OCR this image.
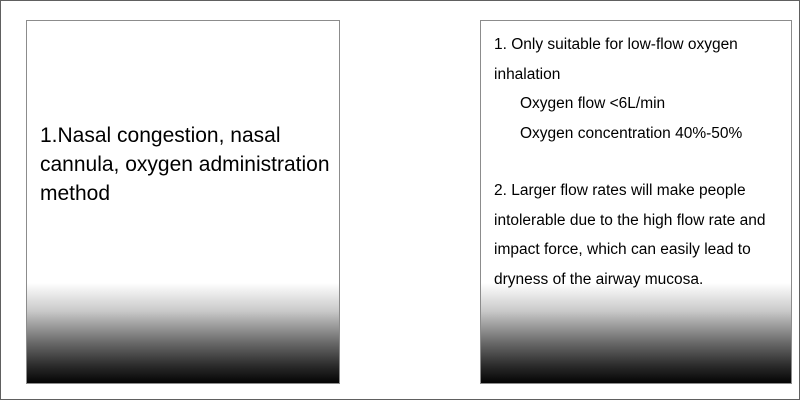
1.Nasal congestion, nasal cannula, oxygen administration method

1. Only suitable for low-flow oxygen inhalation
Oxygen flow <6L/min
Oxygen concentration 40%-50%
2. Larger flow rates will make people intolerable due to the high flow rate and impact force, which can easily lead to dryness of the airway mucosa.
